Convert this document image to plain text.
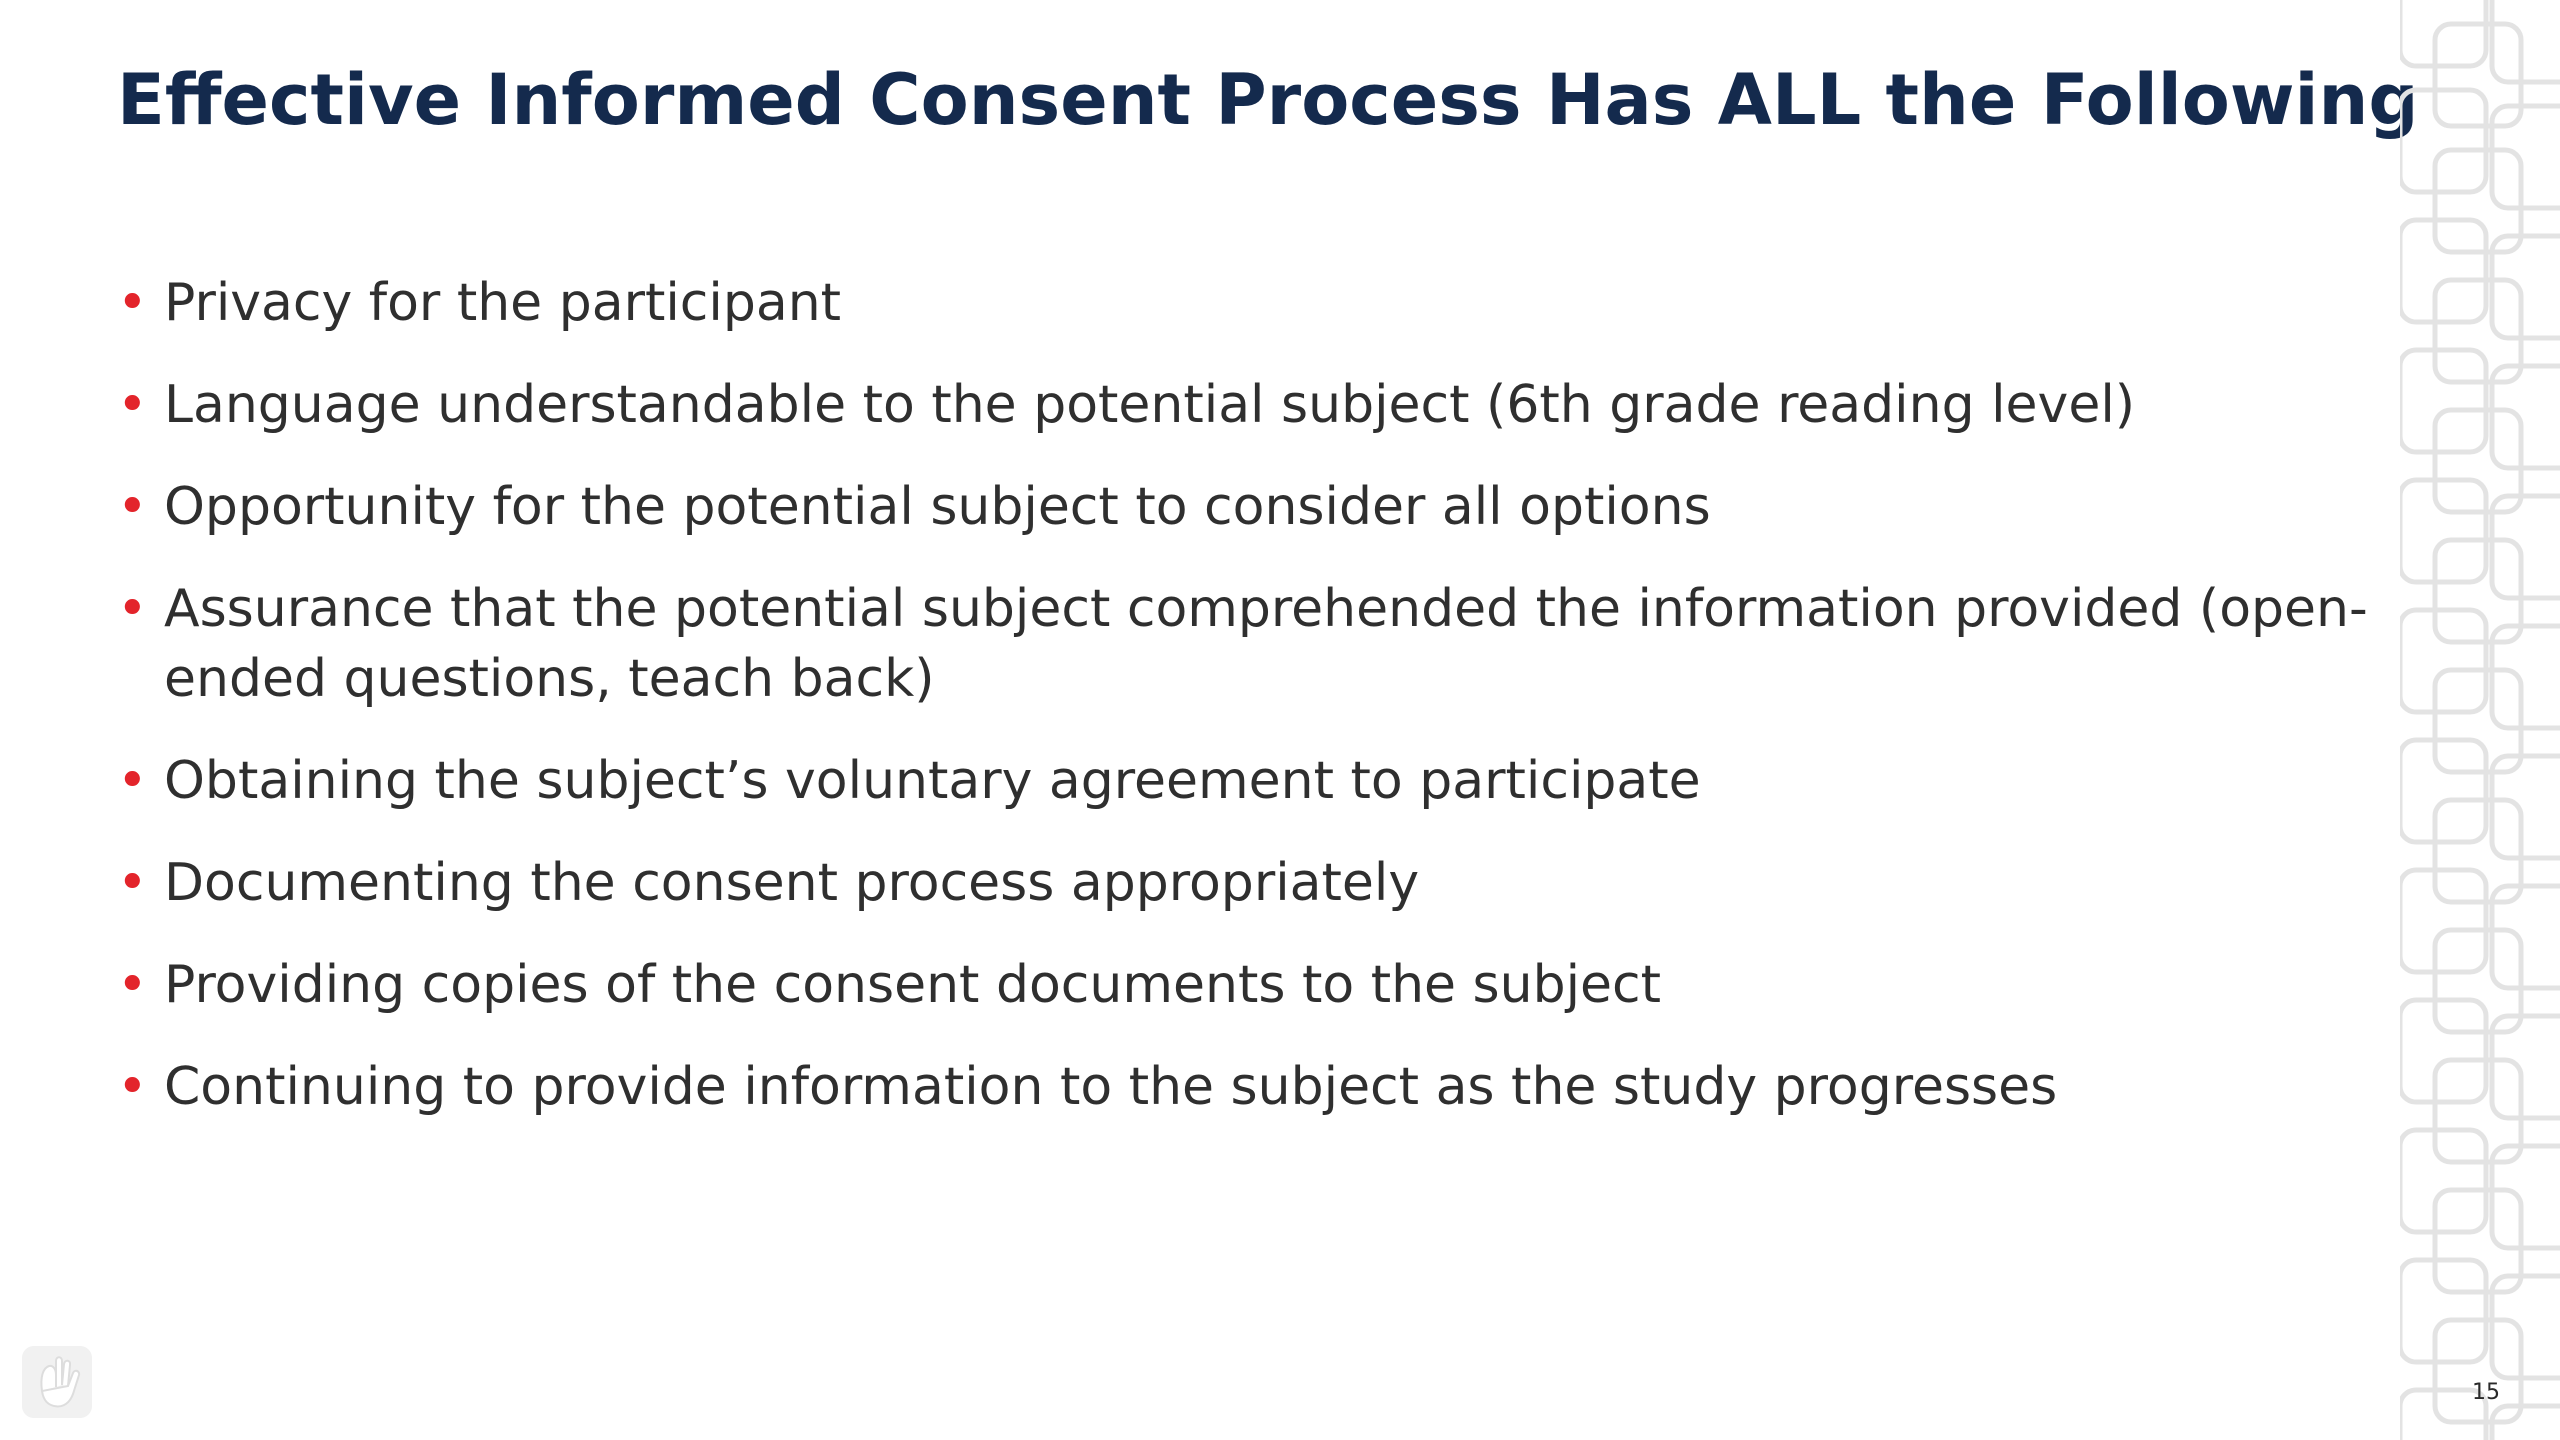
Effective Informed Consent Process Has ALL the Following
• Privacy for the participant
• Language understandable to the potential subject (6th grade reading level)
• Opportunity for the potential subject to consider all options
• Assurance that the potential subject comprehended the information provided (open-ended questions, teach back)
• Obtaining the subject’s voluntary agreement to participate
• Documenting the consent process appropriately
• Providing copies of the consent documents to the subject
• Continuing to provide information to the subject as the study progresses
15
